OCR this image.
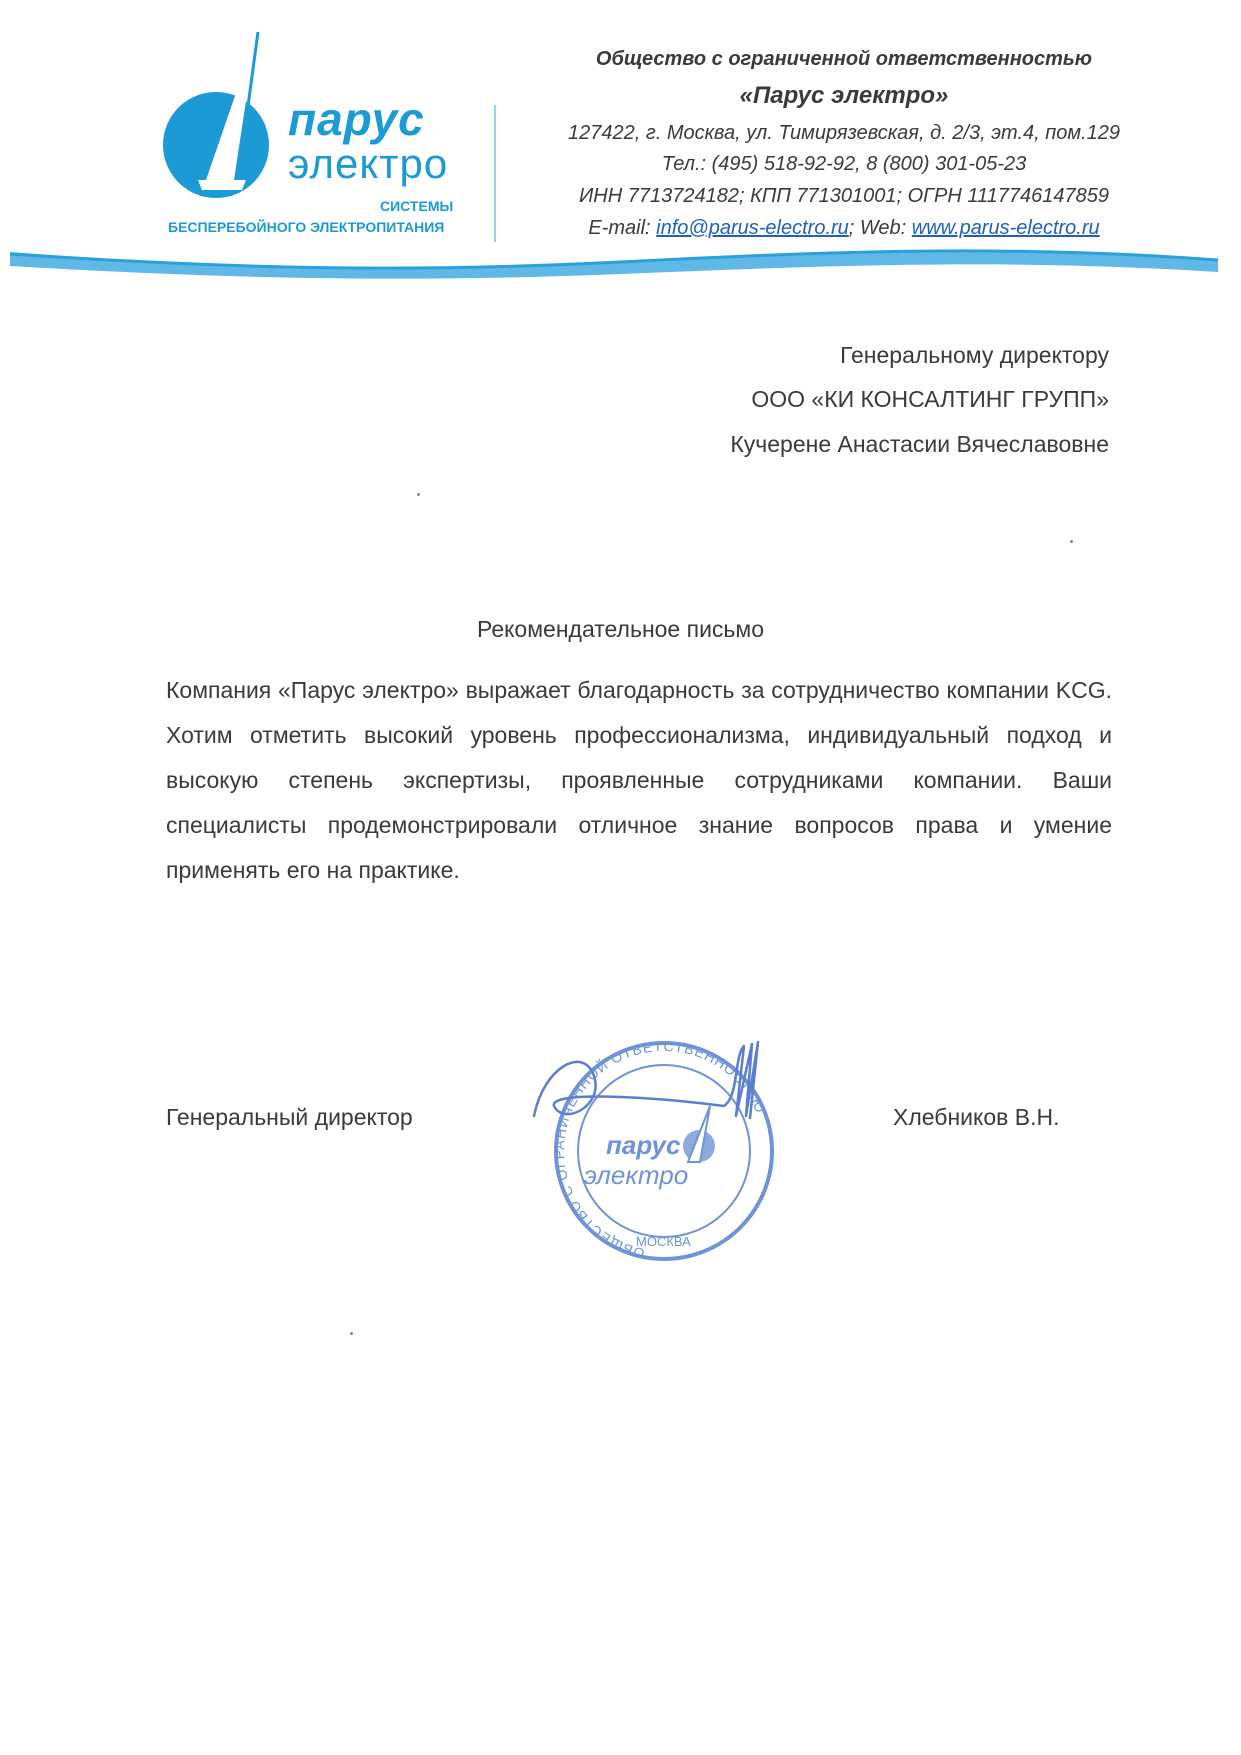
парус
электро
СИСТЕМЫ
БЕСПЕРЕБОЙНОГО ЭЛЕКТРОПИТАНИЯ
Общество с ограниченной ответственностью
«Парус электро»
127422, г. Москва, ул. Тимирязевская, д. 2/3, эт.4, пом.129
Тел.: (495) 518-92-92, 8 (800) 301-05-23
ИНН 7713724182; КПП 771301001; ОГРН 1117746147859
E-mail: info@parus-electro.ru; Web: www.parus-electro.ru
Генеральному директору
ООО «КИ КОНСАЛТИНГ ГРУПП»
Кучерене Анастасии Вячеславовне
Рекомендательное письмо
Компания «Парус электро» выражает благодарность за сотрудничество компании KCG. Хотим отметить высокий уровень профессионализма, индивидуальный подход и высокую степень экспертизы, проявленные сотрудниками компании. Ваши специалисты продемонстрировали отличное знание вопросов права и умение применять его на практике.
Генеральный директор	Хлебников В.Н.
ОБЩЕСТВО С ОГРАНИЧЕННОЙ ОТВЕТСТВЕННОСТЬЮ
парус
электро
МОСКВА
